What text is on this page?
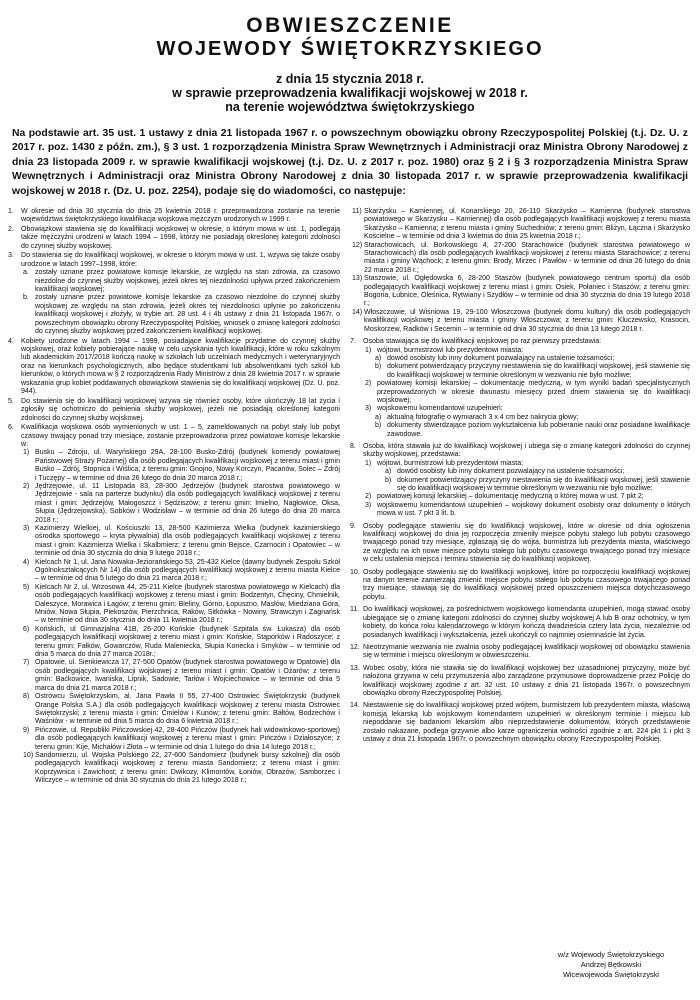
OBWIESZCZENIE
WOJEWODY ŚWIĘTOKRZYSKIEGO
z dnia 15 stycznia 2018 r.
w sprawie przeprowadzenia kwalifikacji wojskowej w 2018 r.
na terenie województwa świętokrzyskiego

Na podstawie art. 35 ust. 1 ustawy z dnia 21 listopada 1967 r. o powszechnym obowiązku obrony Rzeczypospolitej Polskiej (t.j. Dz. U. z 2017 r. poz. 1430 z późn. zm.), § 3 ust. 1 rozporządzenia Ministra Spraw Wewnętrznych i Administracji oraz Ministra Obrony Narodowej z dnia 23 listopada 2009 r. w sprawie kwalifikacji wojskowej (t.j. Dz. U. z 2017 r. poz. 1980) oraz § 2 i § 3 rozporządzenia Ministra Spraw Wewnętrznych i Administracji oraz Ministra Obrony Narodowej z dnia 30 listopada 2017 r. w sprawie przeprowadzenia kwalifikacji wojskowej w 2018 r. (Dz. U. poz. 2254), podaje się do wiadomości, co następuje:

1. W okresie od dnia 30 stycznia do dnia 25 kwietnia 2018 r. przeprowadzona zostanie na terenie województwa świętokrzyskiego kwalifikacja wojskowa mężczyzn urodzonych w 1999 r.
2. Obowiązkowi stawienia się do kwalifikacji wojskowej w okresie, o którym mowa w ust. 1, podlegają także mężczyźni urodzeni w latach 1994 – 1998, którzy nie posiadają określonej kategorii zdolności do czynnej służby wojskowej.
3. Do stawienia się do kwalifikacji wojskowej, w okresie o którym mowa w ust. 1, wzywa się także osoby urodzone w latach 1997–1998, które:
a. zostały uznane przez powiatowe komisje lekarskie, ze względu na stan zdrowia, za czasowo niezdolne do czynnej służby wojskowej, jeżeli okres tej niezdolności upływa przed zakończeniem kwalifikacji wojskowej;
b. zostały uznane przez powiatowe komisje lekarskie za czasowo niezdolne do czynnej służby wojskowej ze względu na stan zdrowia, jeżeli okres tej niezdolności upłynie po zakończeniu kwalifikacji wojskowej i złożyły, w trybie art. 28 ust. 4 i 4b ustawy z dnia 21 listopada 1967r. o powszechnym obowiązku obrony Rzeczypospolitej Polskiej, wniosek o zmianę kategorii zdolności do czynnej służby wojskowej przed zakończeniem kwalifikacji wojskowej.
4. Kobiety urodzone w latach 1994 – 1999, posiadające kwalifikacje przydatne do czynnej służby wojskowej, oraz kobiety pobierające naukę w celu uzyskania tych kwalifikacji, które w roku szkolnym lub akademickim 2017/2018 kończą naukę w szkołach lub uczelniach medycznych i weterynaryjnych oraz na kierunkach psychologicznych, albo będące studentkami lub absolwentkami tych szkół lub kierunków, o których mowa w § 2 rozporządzenia Rady Ministrów z dnia 28 kwietnia 2017 r. w sprawie wskazania grup kobiet poddawanych obowiązkowi stawienia się do kwalifikacji wojskowej (Dz. U. poz. 944).
5. Do stawienia się do kwalifikacji wojskowej wzywa się również osoby, które ukończyły 18 lat życia i zgłosiły się ochotniczo do pełnienia służby wojskowej, jeżeli nie posiadają określonej kategorii zdolności do czynnej służby wojskowej.
6. Kwalifikacja wojskowa osób wymienionych w ust. 1 – 5, zameldowanych na pobyt stały lub pobyt czasowy trwający ponad trzy miesiące, zostanie przeprowadzona przez powiatowe komisje lekarskie w:
1) Busku – Zdroju, ul. Waryńskiego 29A, 28-100 Busko-Zdrój (budynek komendy powiatowej Państwowej Straży Pożarnej) dla osób podlegających kwalifikacji wojskowej z terenu miast i gmin Busko – Zdrój, Stopnica i Wiślica; z terenu gmin: Gnojno, Nowy Korczyn, Pacanów, Solec – Zdrój i Tuczępy – w terminie od dnia 26 lutego do dnia 20 marca 2018 r.;
2) Jędrzejowie, ul. 11 Listopada 83, 28-300 Jędrzejów (budynek starostwa powiatowego w Jędrzejowie - sala na parterze budynku) dla osób podlegających kwalifikacji wojskowej z terenu miast i gmin: Jędrzejów, Małogoszcz i Sędziszów; z terenu gmin: Imielno, Nagłowice, Oksa, Słupia (Jędrzejowska), Sobków i Wodzisław – w terminie od dnia 26 lutego do dnia 20 marca 2018 r.;
3) Kazimierzy Wielkiej, ul. Kościuszki 13, 28-500 Kazimierza Wielka (budynek kazimierskiego ośrodka sportowego – kryta pływalnia) dla osób podlegających kwalifikacji wojskowej z terenu miast i gmin: Kazimierza Wielka i Skalbmierz; z terenu gmin Bejsce, Czarnocin i Opatowiec – w terminie od dnia 30 stycznia do dnia 9 lutego 2018 r.;
4) Kielcach Nr 1, ul. Jana Nowaka-Jeziorańskiego 53, 25-432 Kielce (dawny budynek Zespołu Szkół Ogólnokształcących Nr 14) dla osób podlegających kwalifikacji wojskowej z terenu miasta Kielce – w terminie od dnia 5 lutego do dnia 21 marca 2018 r.;
5) Kielcach Nr 2, ul. Wrzosowa 44, 25-211 Kielce (budynek starostwa powiatowego w Kielcach) dla osób podlegających kwalifikacji wojskowej z terenu miast i gmin: Bodzentyn, Chęciny, Chmielnik, Daleszyce, Morawica i Łagów; z terenu gmin: Bieliny, Górno, Łopuszno, Masłów, Miedziana Góra, Mniów, Nowa Słupia, Piekoszów, Pierzchnica, Raków, Sitkówka - Nowiny, Strawczyn i Zagnańsk – w terminie od dnia 30 stycznia do dnia 11 kwietnia 2018 r.;
6) Końskich, ul Gimnazjalna 41B, 26-200 Końskie (budynek Szpitala św. Łukasza) dla osób podlegających kwalifikacji wojskowej z terenu miast i gmin: Końskie, Stąporków i Radoszyce; z terenu gmin: Fałków, Gowarczów, Ruda Maleniecka, Słupia Konecka i Smyków – w terminie od dnia 5 marca do dnia 27 marca 2018r.;
7) Opatowie, ul. Sienkiewicza 17, 27-500 Opatów (budynek starostwa powiatowego w Opatowie) dla osób podlegających kwalifikacji wojskowej z terenu miast i gmin: Opatów i Ożarów; z terenu gmin: Baćkowice, Iwaniska, Lipnik, Sadowie, Tarłów i Wojciechowice – w terminie od dnia 5 marca do dnia 21 marca 2018 r.;
8) Ostrowcu Świętokrzyskim, al. Jana Pawła II 55, 27-400 Ostrowiec Świętokrzyski (budynek Orange Polska S.A.) dla osób podlegających kwalifikacji wojskowej z terenu miasta Ostrowiec Świętokrzyski; z terenu miasta i gmin: Ćmielów i Kunów; z terenu gmin: Bałtów, Bodzechów i Waśniów - w terminie od dnia 5 marca do dnia 6 kwietnia 2018 r.;
9) Pińczowie, ul. Republiki Pińczowskiej 42, 28-400 Pińczów (budynek hali widowiskowo-sportowej) dla osób podlegających kwalifikacji wojskowej z terenu miast i gmin: Pińczów i Działoszyce; z terenu gmin: Kije, Michałów i Złota – w terminie od dnia 1 lutego do dnia 14 lutego 2018 r.;
10) Sandomierzu, ul. Wojska Polskiego 22, 27-600 Sandomierz (budynek bursy szkolnej) dla osób podlegających kwalifikacji wojskowej z terenu miasta Sandomierz; z terenu miast i gmin: Koprzywnica i Zawichost; z terenu gmin: Dwikozy, Klimontów, Łoniów, Obrazów, Samborzec i Wilczyce – w terminie od dnia 30 stycznia do dnia 21 lutego 2018 r.;
11) Skarżysku – Kamiennej, ul. Konarskiego 20, 26-110 Skarżysko – Kamienna (budynek starostwa powiatowego w Skarżysku – Kamiennej) dla osób podlegających kwalifikacji wojskowej z terenu miasta Skarżysko – Kamienna; z terenu miasta i gminy Suchedniów; z terenu gmin: Bliżyn, Łączna i Skarżysko Kościelne – w terminie od dnia 3 kwietnia do dnia 25 kwietnia 2018 r.;
12) Starachowicach, ul. Borkowskiego 4, 27-200 Starachowice (budynek starostwa powiatowego w Starachowicach) dla osób podlegających kwalifikacji wojskowej z terenu miasta Starachowice; z terenu miasta i gminy Wąchock; z terenu gmin: Brody, Mirzec i Pawłów - w terminie od dnia 26 lutego do dnia 22 marca 2018 r.;
13) Staszowie, ul. Ogłędowska 6, 28-200 Staszów (budynek powiatowego centrum sportu) dla osób podlegających kwalifikacji wojskowej z terenu miast i gmin: Osiek, Połaniec i Staszów; z terenu gmin: Bogoria, Łubnice, Oleśnica, Rytwiany i Szydłów – w terminie od dnia 30 stycznia do dnia 19 lutego 2018 r.;
14) Włoszczowie, ul Wiśniowa 19, 29-100 Włoszczowa (budynek domu kultury) dla osób podlegających kwalifikacji wojskowej z terenu miasta i gminy Włoszczowa; z terenu gmin: Kluczewsko, Krasocin, Moskorzew, Radków i Secemin – w terminie od dnia 30 stycznia do dnia 13 lutego 2018 r.
7. Osoba stawiająca się do kwalifikacji wojskowej po raz pierwszy przedstawia:
1) wójtowi, burmistrzowi lub prezydentowi miasta:
a) dowód osobisty lub inny dokument pozwalający na ustalenie tożsamości;
b) dokument potwierdzający przyczyny niestawienia się do kwalifikacji wojskowej, jeśli stawienie się do kwalifikacji wojskowej w terminie określonym w wezwaniu nie było możliwe;
2) powiatowej komisji lekarskiej – dokumentację medyczną, w tym wyniki badań specjalistycznych przeprowadzonych w okresie dwunastu miesięcy przed dniem stawienia się do kwalifikacji wojskowej;
3) wojskowemu komendantowi uzupełnień:
a) aktualną fotografię o wymiarach 3 x 4 cm bez nakrycia głowy;
b) dokumenty stwierdzające poziom wykształcenia lub pobieranie nauki oraz posiadane kwalifikacje zawodowe.
8. Osoba, która stawała już do kwalifikacji wojskowej i ubiega się o zmianę kategorii zdolności do czynnej służby wojskowej, przedstawia:
1) wójtowi, burmistrzowi lub prezydentowi miasta:
a) dowód osobisty lub inny dokument pozwalający na ustalenie tożsamości;
b) dokument potwierdzający przyczyny niestawienia się do kwalifikacji wojskowej, jeśli stawienie się do kwalifikacji wojskowej w terminie określonym w wezwaniu nie było możliwe;
2) powiatowej komisji lekarskiej – dokumentację medyczną o której mowa w ust. 7 pkt 2;
3) wojskowemu komendantowi uzupełnień – wojskowy dokument osobisty oraz dokumenty o których mowa w ust. 7 pkt 3 lit. b.
9. Osoby podlegające stawieniu się do kwalifikacji wojskowej, które w okresie od dnia ogłoszenia kwalifikacji wojskowej do dnia jej rozpoczęcia zmieniły miejsce pobytu stałego lub pobytu czasowego trwającego ponad trzy miesiące, zgłaszają się do wójta, burmistrza lub prezydenta miasta, właściwego ze względu na ich nowe miejsce pobytu stałego lub pobytu czasowego trwającego ponad trzy miesiące w celu ustalenia miejsca i terminu stawienia się do kwalifikacji wojskowej.
10. Osoby podlegające stawieniu się do kwalifikacji wojskowej, które po rozpoczęciu kwalifikacji wojskowej na danym terenie zamierzają zmienić miejsce pobytu stałego lub pobytu czasowego trwającego ponad trzy miesiące, stawiają się do kwalifikacji wojskowej przed opuszczeniem miejsca dotychczasowego pobytu.
11. Do kwalifikacji wojskowej, za pośrednictwem wojskowego komendanta uzupełnień, mogą stawać osoby ubiegające się o zmianę kategorii zdolności do czynnej służby wojskowej A lub B oraz ochotnicy, w tym kobiety, do końca roku kalendarzowego w którym kończą dwadzieścia cztery lata życia, niezależnie od posiadanych kwalifikacji i wykształcenia, jeżeli ukończyli co najmniej osiemnaście lat życia.
12. Nieotrzymanie wezwania nie zwalnia osoby podlegającej kwalifikacji wojskowej od obowiązku stawienia się w terminie i miejscu określonym w obwieszczeniu.
13. Wobec osoby, która nie stawiła się do kwalifikacji wojskowej bez uzasadnionej przyczyny, może być nałożona grzywna w celu przymuszenia albo zarządzone przymusowe doprowadzenie przez Policję do kwalifikacji wojskowej zgodnie z art. 32 ust. 10 ustawy z dnia 21 listopada 1967r. o powszechnym obowiązku obrony Rzeczypospolitej Polskiej.
14. Niestawienie się do kwalifikacji wojskowej przed wójtem, burmistrzem lub prezydentem miasta, właściwą komisją lekarską lub wojskowym komendantem uzupełnień w określonym terminie i miejscu lub niepoddanie się badaniom lekarskim albo nieprzedstawienie dokumentów, których przedstawienie zostało nakazane, podlega grzywnie albo karze ograniczenia wolności zgodnie z art. 224 pkt 1 i pkt 3 ustawy z dnia 21 listopada 1967r. o powszechnym obowiązku obrony Rzeczypospolitej Polskiej.
w/z Wojewody Świętokrzyskiego
Andrzej Bętkowski
Wicewojewoda Świętokrzyski
